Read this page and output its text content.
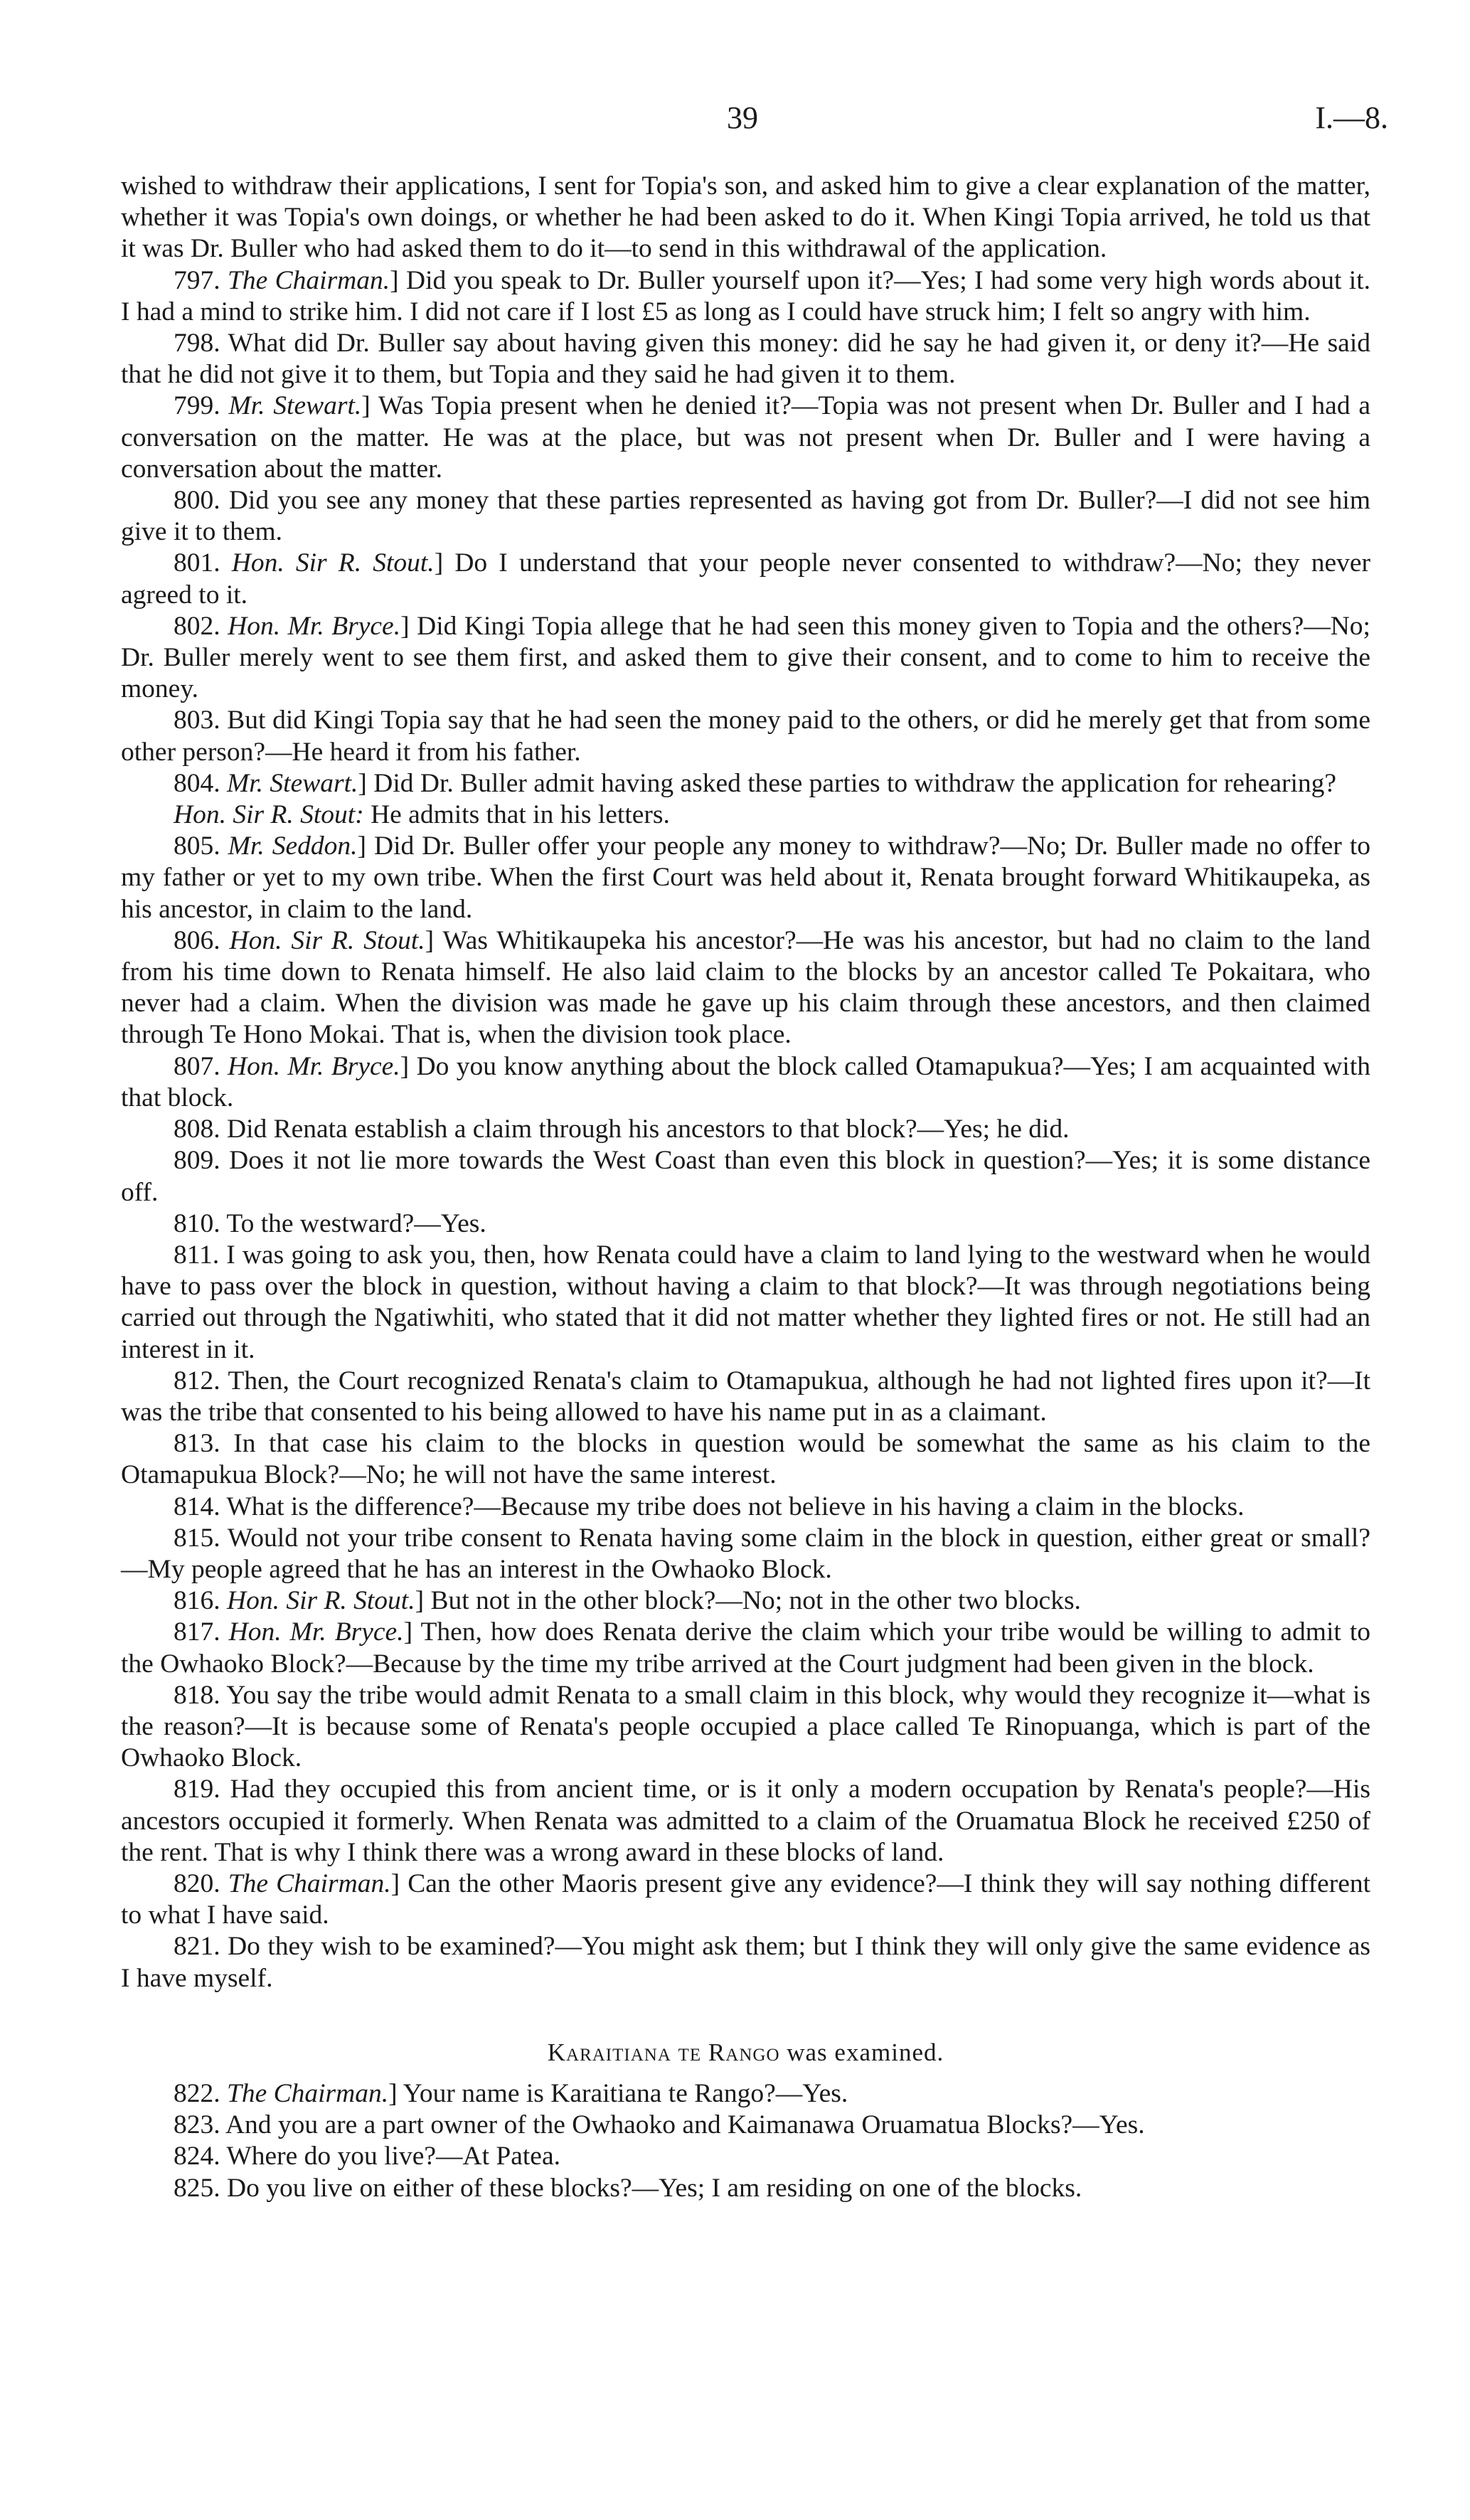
39	I.—8.

wished to withdraw their applications, I sent for Topia's son, and asked him to give a clear explanation of the matter, whether it was Topia's own doings, or whether he had been asked to do it. When Kingi Topia arrived, he told us that it was Dr. Buller who had asked them to do it—to send in this withdrawal of the application.

797. The Chairman.] Did you speak to Dr. Buller yourself upon it?—Yes; I had some very high words about it. I had a mind to strike him. I did not care if I lost £5 as long as I could have struck him; I felt so angry with him.

798. What did Dr. Buller say about having given this money: did he say he had given it, or deny it?—He said that he did not give it to them, but Topia and they said he had given it to them.

799. Mr. Stewart.] Was Topia present when he denied it?—Topia was not present when Dr. Buller and I had a conversation on the matter. He was at the place, but was not present when Dr. Buller and I were having a conversation about the matter.

800. Did you see any money that these parties represented as having got from Dr. Buller?—I did not see him give it to them.

801. Hon. Sir R. Stout.] Do I understand that your people never consented to withdraw?—No; they never agreed to it.

802. Hon. Mr. Bryce.] Did Kingi Topia allege that he had seen this money given to Topia and the others?—No; Dr. Buller merely went to see them first, and asked them to give their consent, and to come to him to receive the money.

803. But did Kingi Topia say that he had seen the money paid to the others, or did he merely get that from some other person?—He heard it from his father.

804. Mr. Stewart.] Did Dr. Buller admit having asked these parties to withdraw the application for rehearing?

Hon. Sir R. Stout: He admits that in his letters.

805. Mr. Seddon.] Did Dr. Buller offer your people any money to withdraw?—No; Dr. Buller made no offer to my father or yet to my own tribe. When the first Court was held about it, Renata brought forward Whitikaupeka, as his ancestor, in claim to the land.

806. Hon. Sir R. Stout.] Was Whitikaupeka his ancestor?—He was his ancestor, but had no claim to the land from his time down to Renata himself. He also laid claim to the blocks by an ancestor called Te Pokaitara, who never had a claim. When the division was made he gave up his claim through these ancestors, and then claimed through Te Hono Mokai. That is, when the division took place.

807. Hon. Mr. Bryce.] Do you know anything about the block called Otamapukua?—Yes; I am acquainted with that block.

808. Did Renata establish a claim through his ancestors to that block?—Yes; he did.

809. Does it not lie more towards the West Coast than even this block in question?—Yes; it is some distance off.

810. To the westward?—Yes.

811. I was going to ask you, then, how Renata could have a claim to land lying to the westward when he would have to pass over the block in question, without having a claim to that block?—It was through negotiations being carried out through the Ngatiwhiti, who stated that it did not matter whether they lighted fires or not. He still had an interest in it.

812. Then, the Court recognized Renata's claim to Otamapukua, although he had not lighted fires upon it?—It was the tribe that consented to his being allowed to have his name put in as a claimant.

813. In that case his claim to the blocks in question would be somewhat the same as his claim to the Otamapukua Block?—No; he will not have the same interest.

814. What is the difference?—Because my tribe does not believe in his having a claim in the blocks.

815. Would not your tribe consent to Renata having some claim in the block in question, either great or small?—My people agreed that he has an interest in the Owhaoko Block.

816. Hon. Sir R. Stout.] But not in the other block?—No; not in the other two blocks.

817. Hon. Mr. Bryce.] Then, how does Renata derive the claim which your tribe would be willing to admit to the Owhaoko Block?—Because by the time my tribe arrived at the Court judgment had been given in the block.

818. You say the tribe would admit Renata to a small claim in this block, why would they recognize it—what is the reason?—It is because some of Renata's people occupied a place called Te Rinopuanga, which is part of the Owhaoko Block.

819. Had they occupied this from ancient time, or is it only a modern occupation by Renata's people?—His ancestors occupied it formerly. When Renata was admitted to a claim of the Oruamatua Block he received £250 of the rent. That is why I think there was a wrong award in these blocks of land.

820. The Chairman.] Can the other Maoris present give any evidence?—I think they will say nothing different to what I have said.

821. Do they wish to be examined?—You might ask them; but I think they will only give the same evidence as I have myself.

Karaitiana te Rango was examined.

822. The Chairman.] Your name is Karaitiana te Rango?—Yes.

823. And you are a part owner of the Owhaoko and Kaimanawa Oruamatua Blocks?—Yes.

824. Where do you live?—At Patea.

825. Do you live on either of these blocks?—Yes; I am residing on one of the blocks.
